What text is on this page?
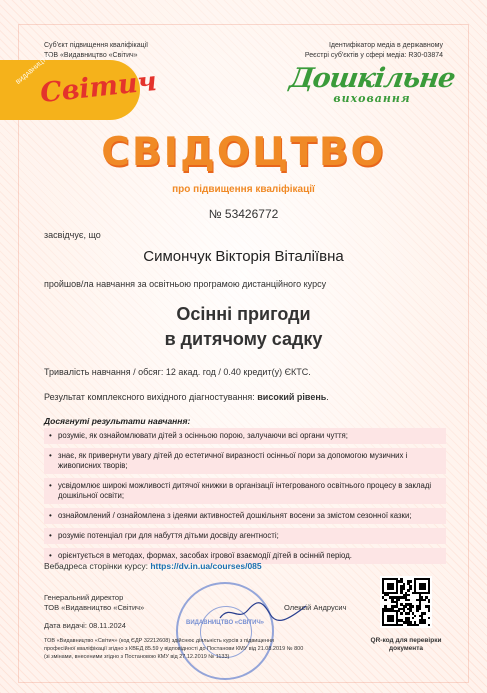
Суб'єкт підвищення кваліфікації

ТОВ «Видавництво «Світич»

Ідентифікатор медіа в державному

Реєстрі суб'єктів у сфері медіа: R30-03874

ВИДАВНИЦТВО
Світич	Дошкільне
виховання

СВІДОЦТВО

про підвищення кваліфікації

№ 53426772

засвідчує, що

Симончук Вікторія Віталіївна

пройшов/ла навчання за освітньою програмою дистанційного курсу

Осінні пригоди
в дитячому садку

Тривалість навчання / обсяг: 12 акад. год / 0.40 кредит(у) ЄКТС.

Результат комплексного вихідного діагностування: високий рівень.

Досягнуті результати навчання:

• розуміє, як ознайомлювати дітей з осінньою порою, залучаючи всі органи чуття;
• знає, як привернути увагу дітей до естетичної виразності осінньої пори за допомогою музичних і живописних творів;
• усвідомлює широкі можливості дитячої книжки в організації інтегрованого освітнього процесу в закладі дошкільної освіти;
• ознайомлений / ознайомлена з ідеями активностей дошкільнят восени за змістом сезонної казки;
• розуміє потенціал гри для набуття дітьми досвіду агентності;
• орієнтується в методах, формах, засобах ігрової взаємодії дітей в осінній період.

Вебадреса сторінки курсу: https://dv.in.ua/courses/085

Генеральний директор

ТОВ «Видавництво «Світич»

Дата видачі: 08.11.2024	ВИДАВНИЦТВО «СВІТИЧ»

Олексій Андрусич

QR-код для перевірки

документа

ТОВ «Видавництво «Світич» (код ЄДР 32212608) здійснює діяльність курсів з підвищення

професійної кваліфікації згідно з КВЕД 85.59 у відповідності до Постанови КМУ від 21.08.2019 № 800

(зі змінами, внесеними згідно з Постановою КМУ від 27.12.2019 № 1133)
